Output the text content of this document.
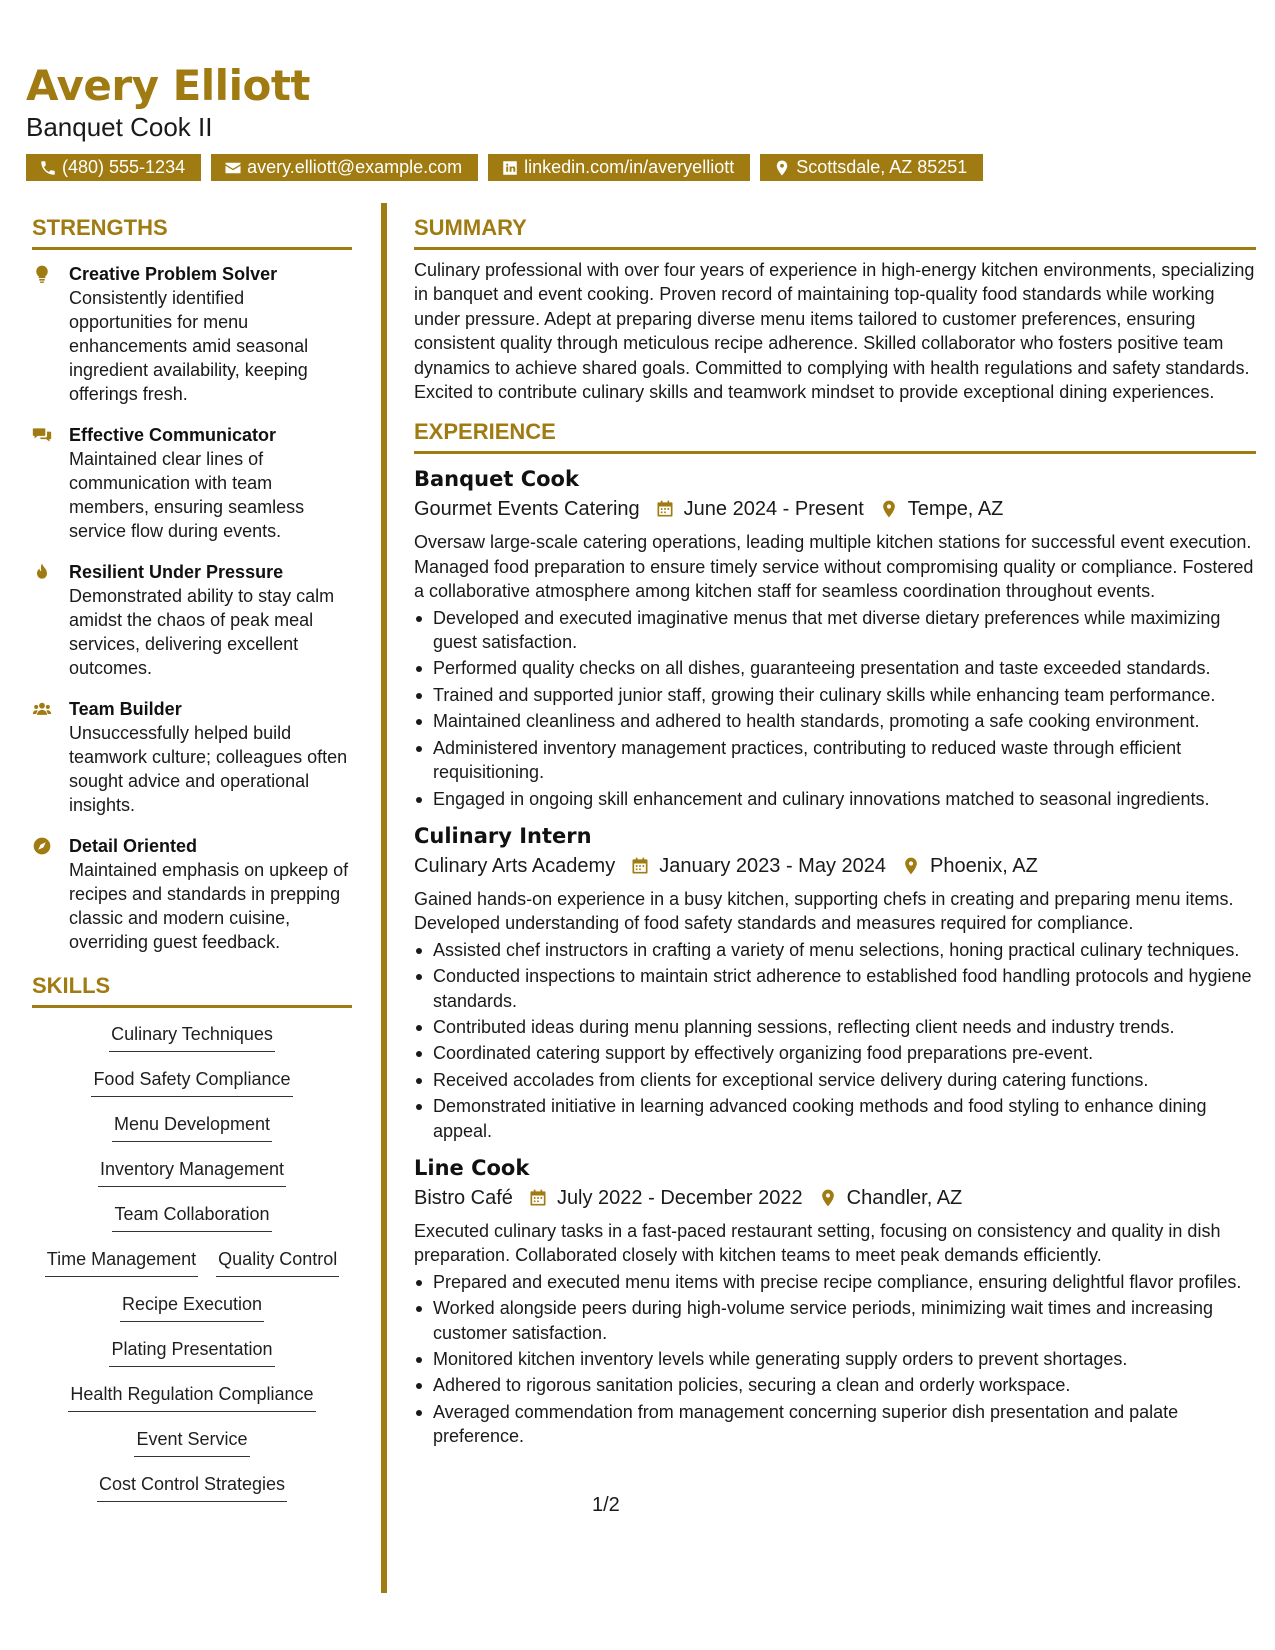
Avery Elliott
Banquet Cook II
(480) 555-1234	avery.elliott@example.com	linkedin.com/in/averyelliott	Scottsdale, AZ 85251
STRENGTHS
Creative Problem Solver
Consistently identified opportunities for menu enhancements amid seasonal ingredient availability, keeping offerings fresh.
Effective Communicator
Maintained clear lines of communication with team members, ensuring seamless service flow during events.
Resilient Under Pressure
Demonstrated ability to stay calm amidst the chaos of peak meal services, delivering excellent outcomes.
Team Builder
Unsuccessfully helped build teamwork culture; colleagues often sought advice and operational insights.
Detail Oriented
Maintained emphasis on upkeep of recipes and standards in prepping classic and modern cuisine, overriding guest feedback.
SKILLS
Culinary Techniques
Food Safety Compliance
Menu Development
Inventory Management
Team Collaboration
Time Management Quality Control
Recipe Execution
Plating Presentation
Health Regulation Compliance
Event Service
Cost Control Strategies
SUMMARY
Culinary professional with over four years of experience in high-energy kitchen environments, specializing in banquet and event cooking. Proven record of maintaining top-quality food standards while working under pressure. Adept at preparing diverse menu items tailored to customer preferences, ensuring consistent quality through meticulous recipe adherence. Skilled collaborator who fosters positive team dynamics to achieve shared goals. Committed to complying with health regulations and safety standards. Excited to contribute culinary skills and teamwork mindset to provide exceptional dining experiences.
EXPERIENCE
Banquet Cook
Gourmet Events Catering June 2024 - Present Tempe, AZ
Oversaw large-scale catering operations, leading multiple kitchen stations for successful event execution. Managed food preparation to ensure timely service without compromising quality or compliance. Fostered a collaborative atmosphere among kitchen staff for seamless coordination throughout events.
Developed and executed imaginative menus that met diverse dietary preferences while maximizing guest satisfaction.
Performed quality checks on all dishes, guaranteeing presentation and taste exceeded standards.
Trained and supported junior staff, growing their culinary skills while enhancing team performance.
Maintained cleanliness and adhered to health standards, promoting a safe cooking environment.
Administered inventory management practices, contributing to reduced waste through efficient requisitioning.
Engaged in ongoing skill enhancement and culinary innovations matched to seasonal ingredients.
Culinary Intern
Culinary Arts Academy January 2023 - May 2024 Phoenix, AZ
Gained hands-on experience in a busy kitchen, supporting chefs in creating and preparing menu items. Developed understanding of food safety standards and measures required for compliance.
Assisted chef instructors in crafting a variety of menu selections, honing practical culinary techniques.
Conducted inspections to maintain strict adherence to established food handling protocols and hygiene standards.
Contributed ideas during menu planning sessions, reflecting client needs and industry trends.
Coordinated catering support by effectively organizing food preparations pre-event.
Received accolades from clients for exceptional service delivery during catering functions.
Demonstrated initiative in learning advanced cooking methods and food styling to enhance dining appeal.
Line Cook
Bistro Café July 2022 - December 2022 Chandler, AZ
Executed culinary tasks in a fast-paced restaurant setting, focusing on consistency and quality in dish preparation. Collaborated closely with kitchen teams to meet peak demands efficiently.
Prepared and executed menu items with precise recipe compliance, ensuring delightful flavor profiles.
Worked alongside peers during high-volume service periods, minimizing wait times and increasing customer satisfaction.
Monitored kitchen inventory levels while generating supply orders to prevent shortages.
Adhered to rigorous sanitation policies, securing a clean and orderly workspace.
Averaged commendation from management concerning superior dish presentation and palate preference.
1/2
